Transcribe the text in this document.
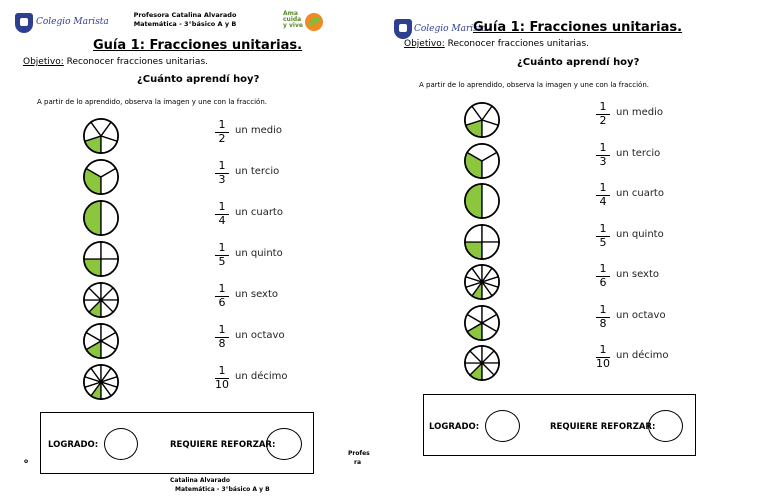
Colegio Marista
Profesora Catalina Alvarado
Matemática - 3°básico A y B
Ama cuida y vive
Guía 1: Fracciones unitarias.
Objetivo: Reconocer fracciones unitarias.
¿Cuánto aprendí hoy?
A partir de lo aprendido, observa la imagen y une con la fracción.
$\frac{1}{2}$ un medio
$\frac{1}{3}$ un tercio
$\frac{1}{4}$ un cuarto
$\frac{1}{5}$ un quinto
$\frac{1}{6}$ un sexto
$\frac{1}{8}$ un octavo
$\frac{1}{10}$ un décimo
LOGRADO:	REQUIERE REFORZAR:
o
Profes
ra
Catalina Alvarado
Matemática - 3°básico A y B
Colegio Marista
Guía 1: Fracciones unitarias.
Objetivo: Reconocer fracciones unitarias.
¿Cuánto aprendí hoy?
A partir de lo aprendido, observa la imagen y une con la fracción.
$\frac{1}{2}$ un medio
$\frac{1}{3}$ un tercio
$\frac{1}{4}$ un cuarto
$\frac{1}{5}$ un quinto
$\frac{1}{6}$ un sexto
$\frac{1}{8}$ un octavo
$\frac{1}{10}$ un décimo
LOGRADO:	REQUIERE REFORZAR:
